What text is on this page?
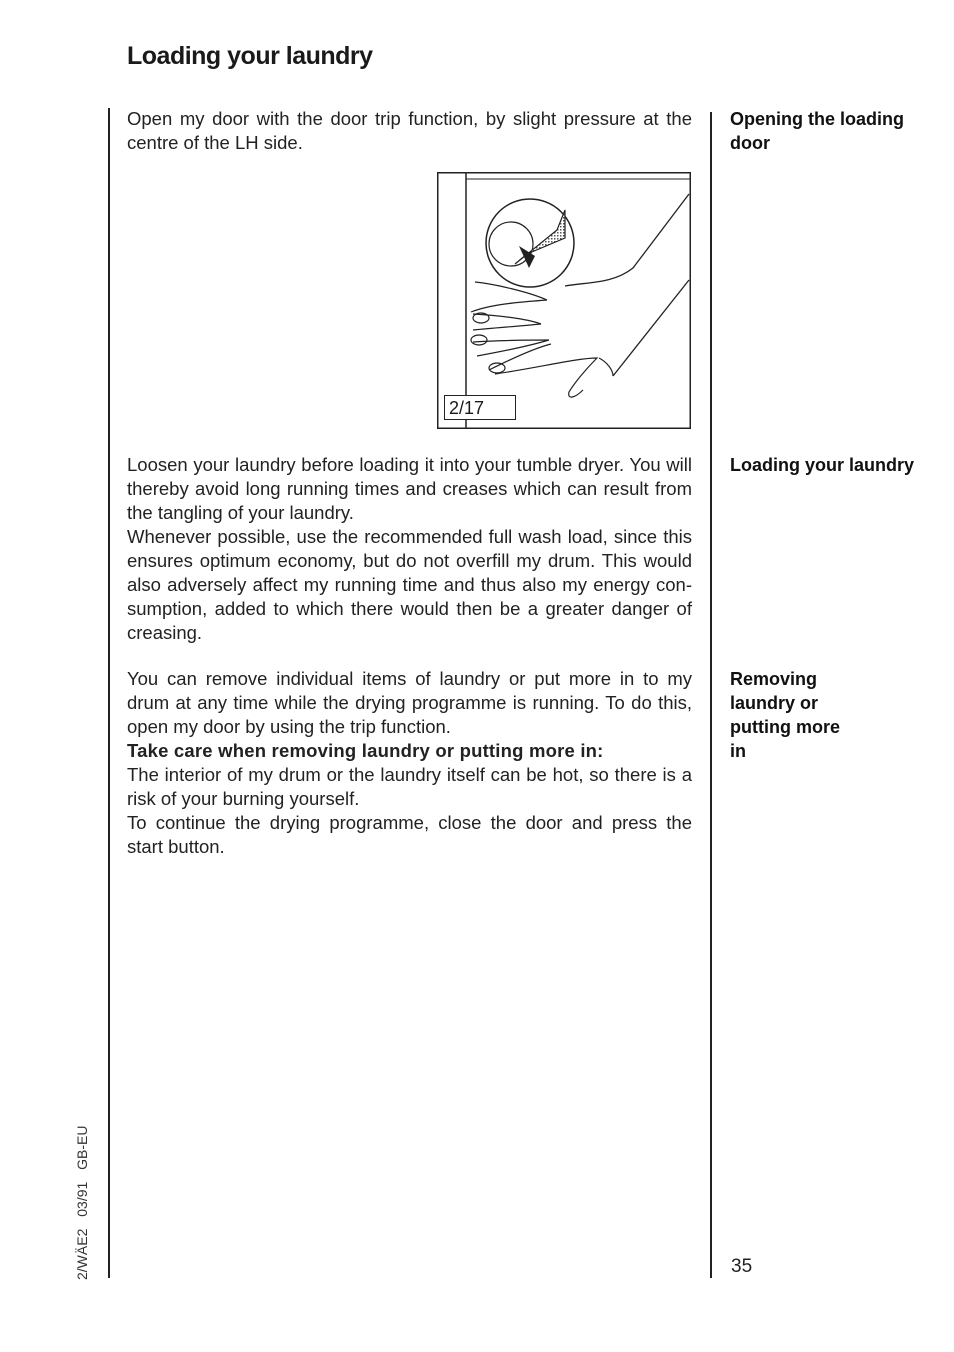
Loading your laundry

Open my door with the door trip function, by slight pressure at the centre of the LH side.

Opening the loading door
2/17

Loosen your laundry before loading it into your tumble dryer. You will thereby avoid long running times and creases which can result from the tangling of your laundry.

Whenever possible, use the recommended full wash load, since this ensures optimum economy, but do not overfill my drum. This would also adversely affect my running time and thus also my energy con-sumption, added to which there would then be a greater danger of creasing.

Loading your laundry

You can remove individual items of laundry or put more in to my drum at any time while the drying programme is running. To do this, open my door by using the trip function.

Take care when removing laundry or putting more in:

The interior of my drum or the laundry itself can be hot, so there is a risk of your burning yourself.

To continue the drying programme, close the door and press the start button.

Removing laundry or putting more in
2/WÄE2 03/91 GB-EU	35
